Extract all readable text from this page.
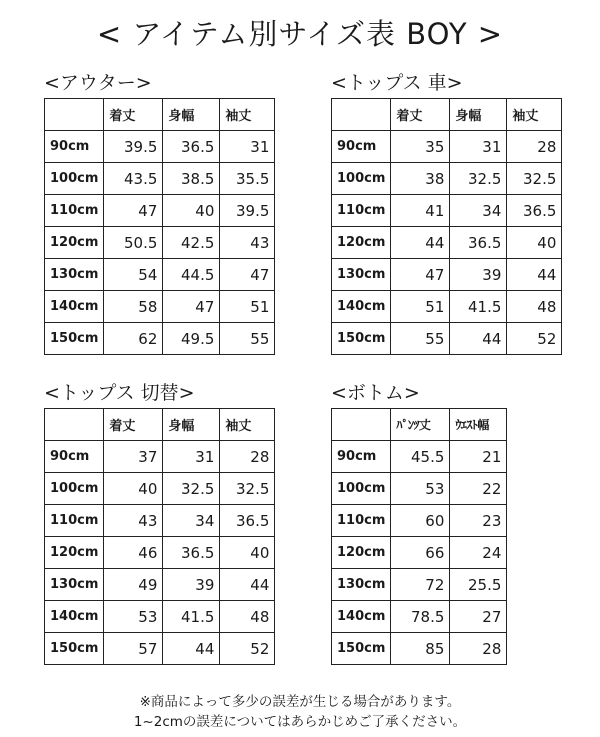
< アイテム別サイズ表 BOY >
<アウター>
	着丈	身幅	袖丈
90cm	39.5	36.5	31
100cm	43.5	38.5	35.5
110cm	47	40	39.5
120cm	50.5	42.5	43
130cm	54	44.5	47
140cm	58	47	51
150cm	62	49.5	55
<トップス 車>
	着丈	身幅	袖丈
90cm	35	31	28
100cm	38	32.5	32.5
110cm	41	34	36.5
120cm	44	36.5	40
130cm	47	39	44
140cm	51	41.5	48
150cm	55	44	52
<トップス 切替>
	着丈	身幅	袖丈
90cm	37	31	28
100cm	40	32.5	32.5
110cm	43	34	36.5
120cm	46	36.5	40
130cm	49	39	44
140cm	53	41.5	48
150cm	57	44	52
<ボトム>
	ﾊﾟﾝﾂ丈	ｳｴｽﾄ幅
90cm	45.5	21
100cm	53	22
110cm	60	23
120cm	66	24
130cm	72	25.5
140cm	78.5	27
150cm	85	28
※商品によって多少の誤差が生じる場合があります。
1~2cmの誤差についてはあらかじめご了承ください。
